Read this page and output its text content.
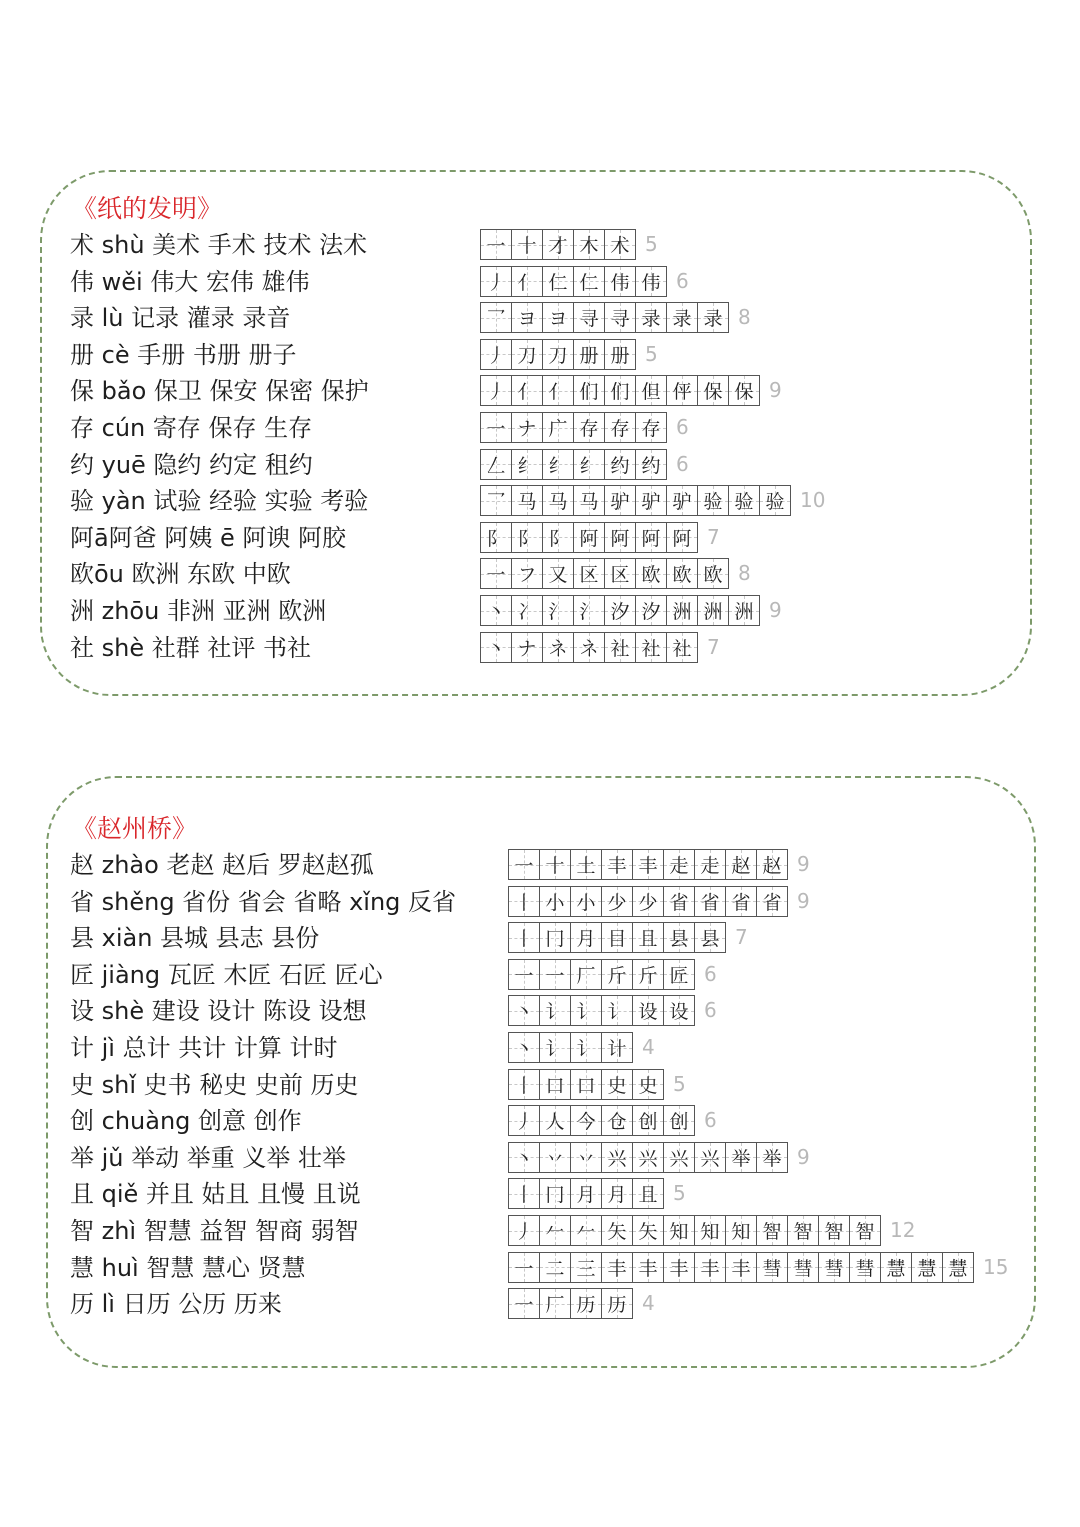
《纸的发明》
《赵州桥》
术 shù 美术 手术 技术 法术	一 十 才 木 术 5
伟 wěi 伟大 宏伟 雄伟	丿 亻 仁 仁 伟 伟 6
录 lù 记录 灌录 录音	乛 ヨ ヨ 寻 寻 录 录 录 8
册 cè 手册 书册 册子	丿 刀 刀 册 册 5
保 bǎo 保卫 保安 保密 保护	丿 亻 亻 们 们 但 伻 保 保 9
存 cún 寄存 保存 生存	一 ナ 广 存 存 存 6
约 yuē 隐约 约定 租约	𠃋 纟 纟 纟 约 约 6
验 yàn 试验 经验 实验 考验	乛 马 马 马 驴 驴 驴 验 验 验 10
阿ā阿爸 阿姨 ē 阿谀 阿胶	阝 阝 阝 阿 阿 阿 阿 7
欧ōu 欧洲 东欧 中欧	一 フ 又 区 区 欧 欧 欧 8
洲 zhōu 非洲 亚洲 欧洲	丶 冫 氵 氵 汐 汐 洲 洲 洲 9
社 shè 社群 社评 书社	丶 ナ ネ ネ 社 社 社 7
赵 zhào 老赵 赵后 罗赵赵孤	一 十 土 丰 丰 走 走 赵 赵 9
省 shěng 省份 省会 省略 xǐng 反省	丨 小 小 少 少 省 省 省 省 9
县 xiàn 县城 县志 县份	丨 冂 月 目 且 县 县 7
匠 jiàng 瓦匠 木匠 石匠 匠心	一 一 厂 斤 斤 匠 6
设 shè 建设 设计 陈设 设想	丶 讠 讠 讠 设 设 6
计 jì 总计 共计 计算 计时	丶 讠 讠 计 4
史 shǐ 史书 秘史 史前 历史	丨 口 口 史 史 5
创 chuàng 创意 创作	丿 人 今 仓 创 创 6
举 jǔ 举动 举重 义举 壮举	丶 丷 丷 兴 兴 兴 兴 举 举 9
且 qiě 并且 姑且 且慢 且说	丨 冂 月 月 且 5
智 zhì 智慧 益智 智商 弱智	丿 𠂉 𠂉 矢 矢 知 知 知 智 智 智 智 12
慧 huì 智慧 慧心 贤慧	一 二 三 丰 丰 丰 丰 丰 彗 彗 彗 彗 慧 慧 慧 15
历 lì 日历 公历 历来	一 厂 历 历 4
